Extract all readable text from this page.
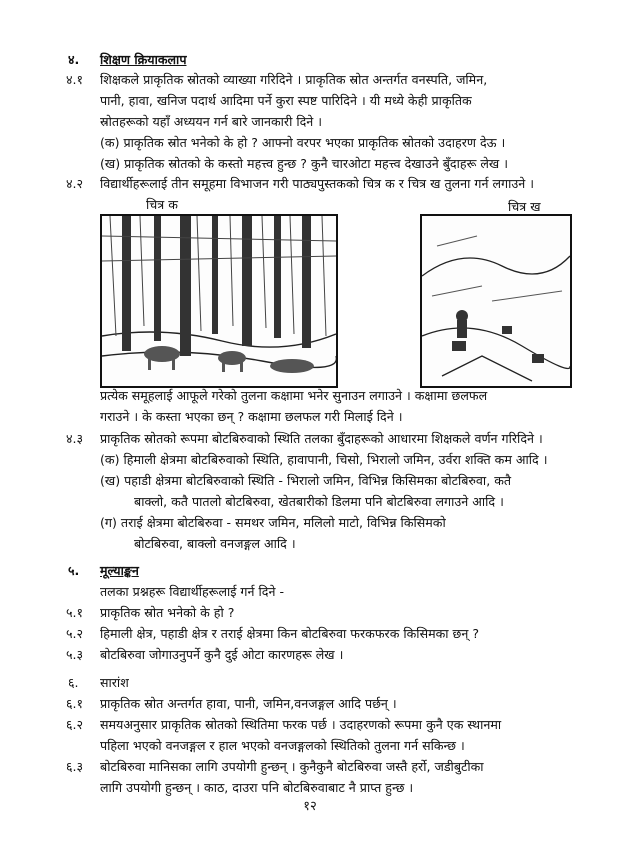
४. शिक्षण क्रियाकलाप
४.१ शिक्षकले प्राकृतिक स्रोतको व्याख्या गरिदिने । प्राकृतिक स्रोत अन्तर्गत वनस्पति, जमिन,
पानी, हावा, खनिज पदार्थ आदिमा पर्ने कुरा स्पष्ट पारिदिने । यी मध्ये केही प्राकृतिक
स्रोतहरूको यहाँ अध्ययन गर्न बारे जानकारी दिने ।
(क) प्राकृतिक स्रोत भनेको के हो ? आफ्नो वरपर भएका प्राकृतिक स्रोतको उदाहरण देऊ ।
(ख) प्राकृतिक स्रोतको के कस्तो महत्त्व हुन्छ ? कुनै चारओटा महत्त्व देखाउने बुँदाहरू लेख ।
४.२ विद्यार्थीहरूलाई तीन समूहमा विभाजन गरी पाठ्यपुस्तकको चित्र क र चित्र ख तुलना गर्न लगाउने ।
चित्र क	चित्र ख
प्रत्येक समूहलाई आफूले गरेको तुलना कक्षामा भनेर सुनाउन लगाउने । कक्षामा छलफल
गराउने । के कस्ता भएका छन् ? कक्षामा छलफल गरी मिलाई दिने ।
४.३ प्राकृतिक स्रोतको रूपमा बोटबिरुवाको स्थिति तलका बुँदाहरूको आधारमा शिक्षकले वर्णन गरिदिने ।
(क) हिमाली क्षेत्रमा बोटबिरुवाको स्थिति, हावापानी, चिसो, भिरालो जमिन, उर्वरा शक्ति कम आदि ।
(ख) पहाडी क्षेत्रमा बोटबिरुवाको स्थिति - भिरालो जमिन, विभिन्न किसिमका बोटबिरुवा, कतै
बाक्लो, कतै पातलो बोटबिरुवा, खेतबारीको डिलमा पनि बोटबिरुवा लगाउने आदि ।
(ग) तराई क्षेत्रमा बोटबिरुवा - समथर जमिन, मलिलो माटो, विभिन्न किसिमको
बोटबिरुवा, बाक्लो वनजङ्गल आदि ।
५. मूल्याङ्कन
तलका प्रश्नहरू विद्यार्थीहरूलाई गर्न दिने -
५.१ प्राकृतिक स्रोत भनेको के हो ?
५.२ हिमाली क्षेत्र, पहाडी क्षेत्र र तराई क्षेत्रमा किन बोटबिरुवा फरकफरक किसिमका छन् ?
५.३ बोटबिरुवा जोगाउनुपर्ने कुनै दुई ओटा कारणहरू लेख ।
६. सारांश
६.१ प्राकृतिक स्रोत अन्तर्गत हावा, पानी, जमिन,वनजङ्गल आदि पर्छन् ।
६.२ समयअनुसार प्राकृतिक स्रोतको स्थितिमा फरक पर्छ । उदाहरणको रूपमा कुनै एक स्थानमा
पहिला भएको वनजङ्गल र हाल भएको वनजङ्गलको स्थितिको तुलना गर्न सकिन्छ ।
६.३ बोटबिरुवा मानिसका लागि उपयोगी हुन्छन् । कुनैकुनै बोटबिरुवा जस्तै हर्रो, जडीबुटीका
लागि उपयोगी हुन्छन् । काठ, दाउरा पनि बोटबिरुवाबाट नै प्राप्त हुन्छ ।
१२
